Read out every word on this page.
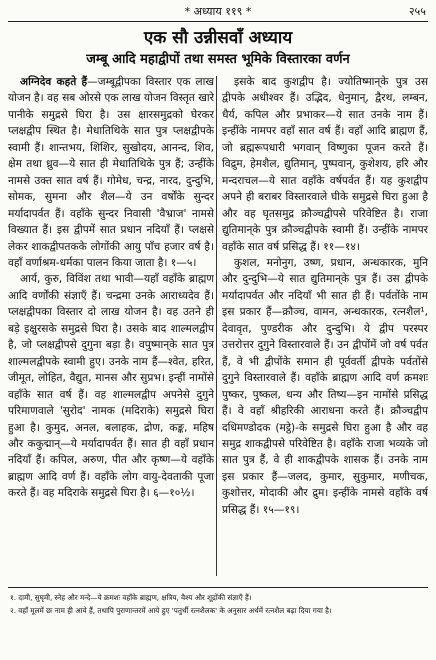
* अध्याय ११९ *	२५५
एक सौ उन्नीसवाँ अध्याय
जम्बू आदि महाद्वीपों तथा समस्त भूमिके विस्तारका वर्णन

अग्निदेव कहते हैं—जम्बूद्वीपका विस्तार एक लाख योजन है। वह सब ओरसे एक लाख योजन विस्तृत खारे पानीके समुद्रसे घिरा है। उस क्षारसमुद्रको घेरकर प्लक्षद्वीप स्थित है। मेधातिथिके सात पुत्र प्लक्षद्वीपके स्वामी हैं। शान्तभय, शिशिर, सुखोदय, आनन्द, शिव, क्षेम तथा ध्रुव—ये सात ही मेधातिथिके पुत्र हैं; उन्हींके नामसे उक्त सात वर्ष हैं। गोमेध, चन्द्र, नारद, दुन्दुभि, सोमक, सुमना और शैल—ये उन वर्षोंके सुन्दर मर्यादापर्वत हैं। वहाँके सुन्दर निवासी 'वैभ्राज' नामसे विख्यात हैं। इस द्वीपमें सात प्रधान नदियाँ हैं। प्लक्षसे लेकर शाकद्वीपतकके लोगोंकी आयु पाँच हजार वर्ष है। वहाँ वर्णाश्रम-धर्मका पालन किया जाता है। १—५।

आर्य, कुरु, विविंश तथा भावी—यहाँ वहाँके ब्राह्मण आदि वर्णोंकी संज्ञाएँ हैं। चन्द्रमा उनके आराध्यदेव हैं। प्लक्षद्वीपका विस्तार दो लाख योजन है। वह उतने ही बड़े इक्षुरसके समुद्रसे घिरा है। उसके बाद शाल्मलद्वीप है, जो प्लक्षद्वीपसे दुगुना बड़ा है। वपुष्मान्‌के सात पुत्र शाल्मलद्वीपके स्वामी हुए। उनके नाम हैं—श्वेत, हरित, जीमूत, लोहित, वैद्युत, मानस और सुप्रभ। इन्हीं नामोंसे वहाँके सात वर्ष हैं। वह शाल्मलद्वीप अपनेसे दुगुने परिमाणवाले 'सुरोद' नामक (मदिराके) समुद्रसे घिरा हुआ है। कुमुद, अनल, बलाहक, द्रोण, कङ्क, महिष और ककुद्मान्—ये मर्यादापर्वत हैं। सात ही वहाँ प्रधान नदियाँ हैं। कपिल, अरुण, पीत और कृष्ण—ये वहाँके ब्राह्मण आदि वर्ण हैं। वहाँके लोग वायु-देवताकी पूजा करते हैं। वह मदिराके समुद्रसे घिरा है। ६—१०½।

इसके बाद कुशद्वीप है। ज्योतिष्मान्‌के पुत्र उस द्वीपके अधीश्वर हैं। उद्भिद, धेनुमान्, द्वैरथ, लम्बन, धैर्य, कपिल और प्रभाकर—ये सात उनके नाम हैं। इन्हींके नामपर वहाँ सात वर्ष हैं। वहाँ आदि ब्राह्मण हैं, जो ब्रह्मरूपधारी भगवान् विष्णुका पूजन करते हैं। विद्रुम, हेमशैल, द्युतिमान्, पुष्पवान्, कुशेशय, हरि और मन्दराचल—ये सात वहाँके वर्षपर्वत हैं। यह कुशद्वीप अपने ही बराबर विस्तारवाले घीके समुद्रसे घिरा हुआ है और वह घृतसमुद्र क्रौञ्चद्वीपसे परिवेष्टित है। राजा द्युतिमान्‌के पुत्र क्रौञ्चद्वीपके स्वामी हैं। उन्हींके नामपर वहाँके सात वर्ष प्रसिद्ध हैं। ११—१४।

कुशल, मनोनुग, उष्ण, प्रधान, अन्धकारक, मुनि और दुन्दुभि—ये सात द्युतिमान्‌के पुत्र हैं। उस द्वीपके मर्यादापर्वत और नदियाँ भी सात ही हैं। पर्वतोंके नाम इस प्रकार हैं—क्रौञ्च, वामन, अन्धकारक, रत्नशैल¹, देवावृत, पुण्डरीक और दुन्दुभि। ये द्वीप परस्पर उत्तरोत्तर दुगुने विस्तारवाले हैं। उन द्वीपोंमें जो वर्ष पर्वत हैं, वे भी द्वीपोंके समान ही पूर्ववर्ती द्वीपके पर्वतोंसे दुगुने विस्तारवाले हैं। वहाँके ब्राह्मण आदि वर्ण क्रमशः पुष्कर, पुष्कल, धन्य और तिष्य—इन नामोंसे प्रसिद्ध हैं। वे वहाँ श्रीहरिकी आराधना करते हैं। क्रौञ्चद्वीप दधिमण्डोदक (मट्ठे)-के समुद्रसे घिरा हुआ है और वह समुद्र शाकद्वीपसे परिवेष्टित है। वहाँके राजा भव्यके जो सात पुत्र हैं, वे ही शाकद्वीपके शासक हैं। उनके नाम इस प्रकार हैं—जलद, कुमार, सुकुमार, मणीचक, कुशोत्तर, मोदाकी और द्रुम। इन्हींके नामसे वहाँके वर्ष प्रसिद्ध हैं। १५—१९।

१. दामी, सुघृमी, स्नेह और मन्दे—ये क्रमशः वहाँके ब्राह्मण, क्षत्रिय, वैश्य और शूद्रोंकी संज्ञाएँ हैं।
२. वहाँ मूलमें छः नाम ही आये हैं, तथापि पुराणान्तरमें आये हुए 'पतुर्थी रत्नशैलक' के अनुसार अर्थमें रत्नशैल बढ़ा दिया गया है।
